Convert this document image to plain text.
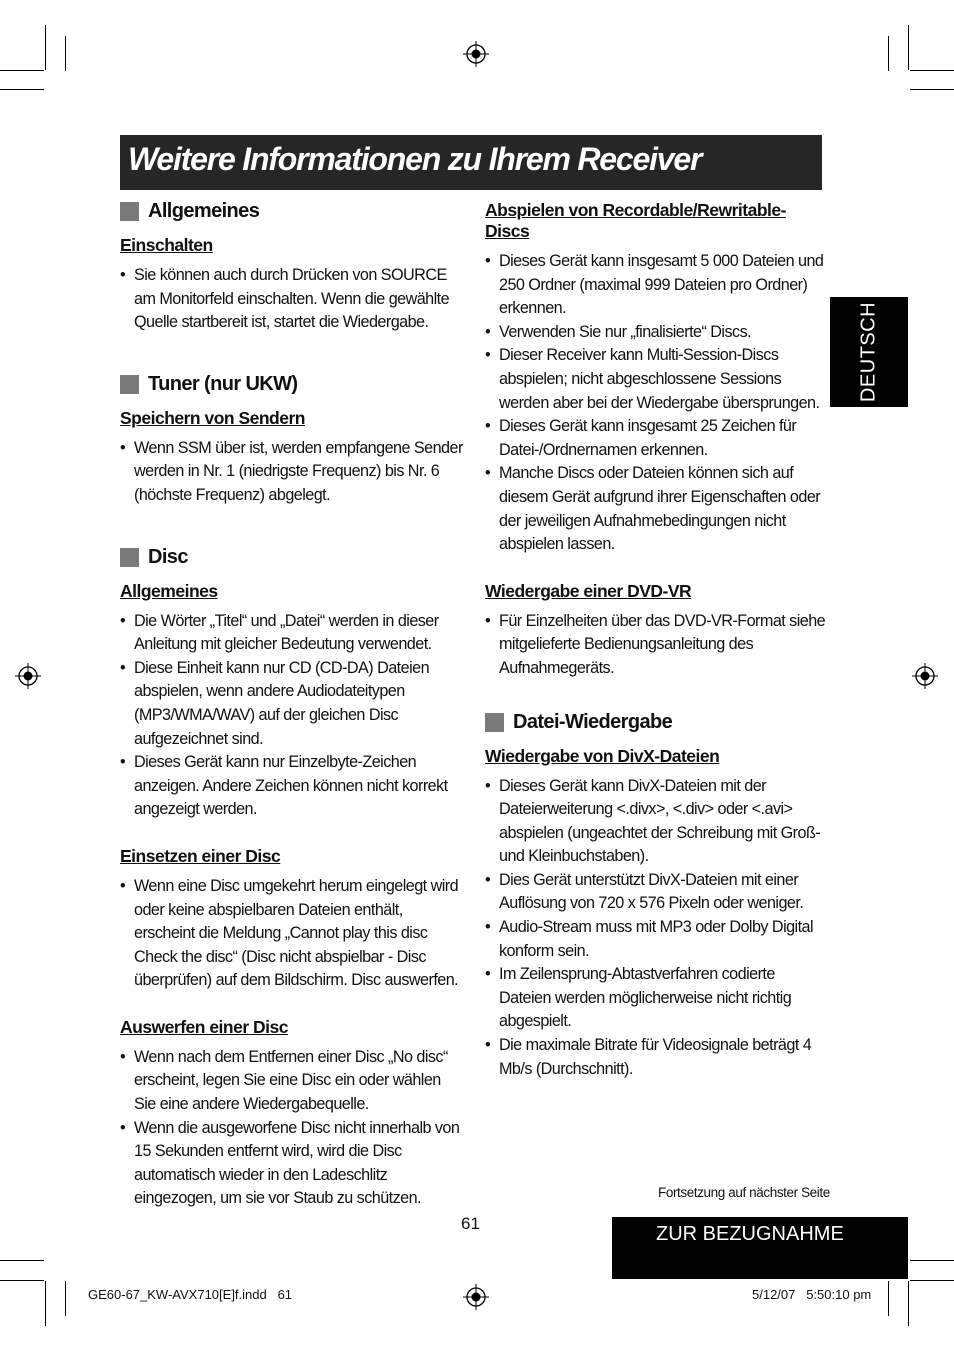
Weitere Informationen zu Ihrem Receiver
DEUTSCH
Allgemeines
Einschalten
• Sie können auch durch Drücken von SOURCE am Monitorfeld einschalten. Wenn die gewählte Quelle startbereit ist, startet die Wiedergabe.
Tuner (nur UKW)
Speichern von Sendern
• Wenn SSM über ist, werden empfangene Sender werden in Nr. 1 (niedrigste Frequenz) bis Nr. 6 (höchste Frequenz) abgelegt.
Disc
Allgemeines
• Die Wörter „Titel“ und „Datei“ werden in dieser Anleitung mit gleicher Bedeutung verwendet.
• Diese Einheit kann nur CD (CD-DA) Dateien abspielen, wenn andere Audiodateitypen (MP3/WMA/WAV) auf der gleichen Disc aufgezeichnet sind.
• Dieses Gerät kann nur Einzelbyte-Zeichen anzeigen. Andere Zeichen können nicht korrekt angezeigt werden.
Einsetzen einer Disc
• Wenn eine Disc umgekehrt herum eingelegt wird oder keine abspielbaren Dateien enthält, erscheint die Meldung „Cannot play this disc Check the disc“ (Disc nicht abspielbar - Disc überprüfen) auf dem Bildschirm. Disc auswerfen.
Auswerfen einer Disc
• Wenn nach dem Entfernen einer Disc „No disc“ erscheint, legen Sie eine Disc ein oder wählen Sie eine andere Wiedergabequelle.
• Wenn die ausgeworfene Disc nicht innerhalb von 15 Sekunden entfernt wird, wird die Disc automatisch wieder in den Ladeschlitz eingezogen, um sie vor Staub zu schützen.
Abspielen von Recordable/Rewritable-Discs
• Dieses Gerät kann insgesamt 5 000 Dateien und 250 Ordner (maximal 999 Dateien pro Ordner) erkennen.
• Verwenden Sie nur „finalisierte“ Discs.
• Dieser Receiver kann Multi-Session-Discs abspielen; nicht abgeschlossene Sessions werden aber bei der Wiedergabe übersprungen.
• Dieses Gerät kann insgesamt 25 Zeichen für Datei-/Ordnernamen erkennen.
• Manche Discs oder Dateien können sich auf diesem Gerät aufgrund ihrer Eigenschaften oder der jeweiligen Aufnahmebedingungen nicht abspielen lassen.
Wiedergabe einer DVD-VR
• Für Einzelheiten über das DVD-VR-Format siehe mitgelieferte Bedienungsanleitung des Aufnahmegeräts.
Datei-Wiedergabe
Wiedergabe von DivX-Dateien
• Dieses Gerät kann DivX-Dateien mit der Dateierweiterung <.divx>, <.div> oder <.avi> abspielen (ungeachtet der Schreibung mit Groß- und Kleinbuchstaben).
• Dies Gerät unterstützt DivX-Dateien mit einer Auflösung von 720 x 576 Pixeln oder weniger.
• Audio-Stream muss mit MP3 oder Dolby Digital konform sein.
• Im Zeilensprung-Abtastverfahren codierte Dateien werden möglicherweise nicht richtig abgespielt.
• Die maximale Bitrate für Videosignale beträgt 4 Mb/s (Durchschnitt).
Fortsetzung auf nächster Seite
61	ZUR BEZUGNAHME
GE60-67_KW-AVX710[E]f.indd   61	5/12/07   5:50:10 pm
